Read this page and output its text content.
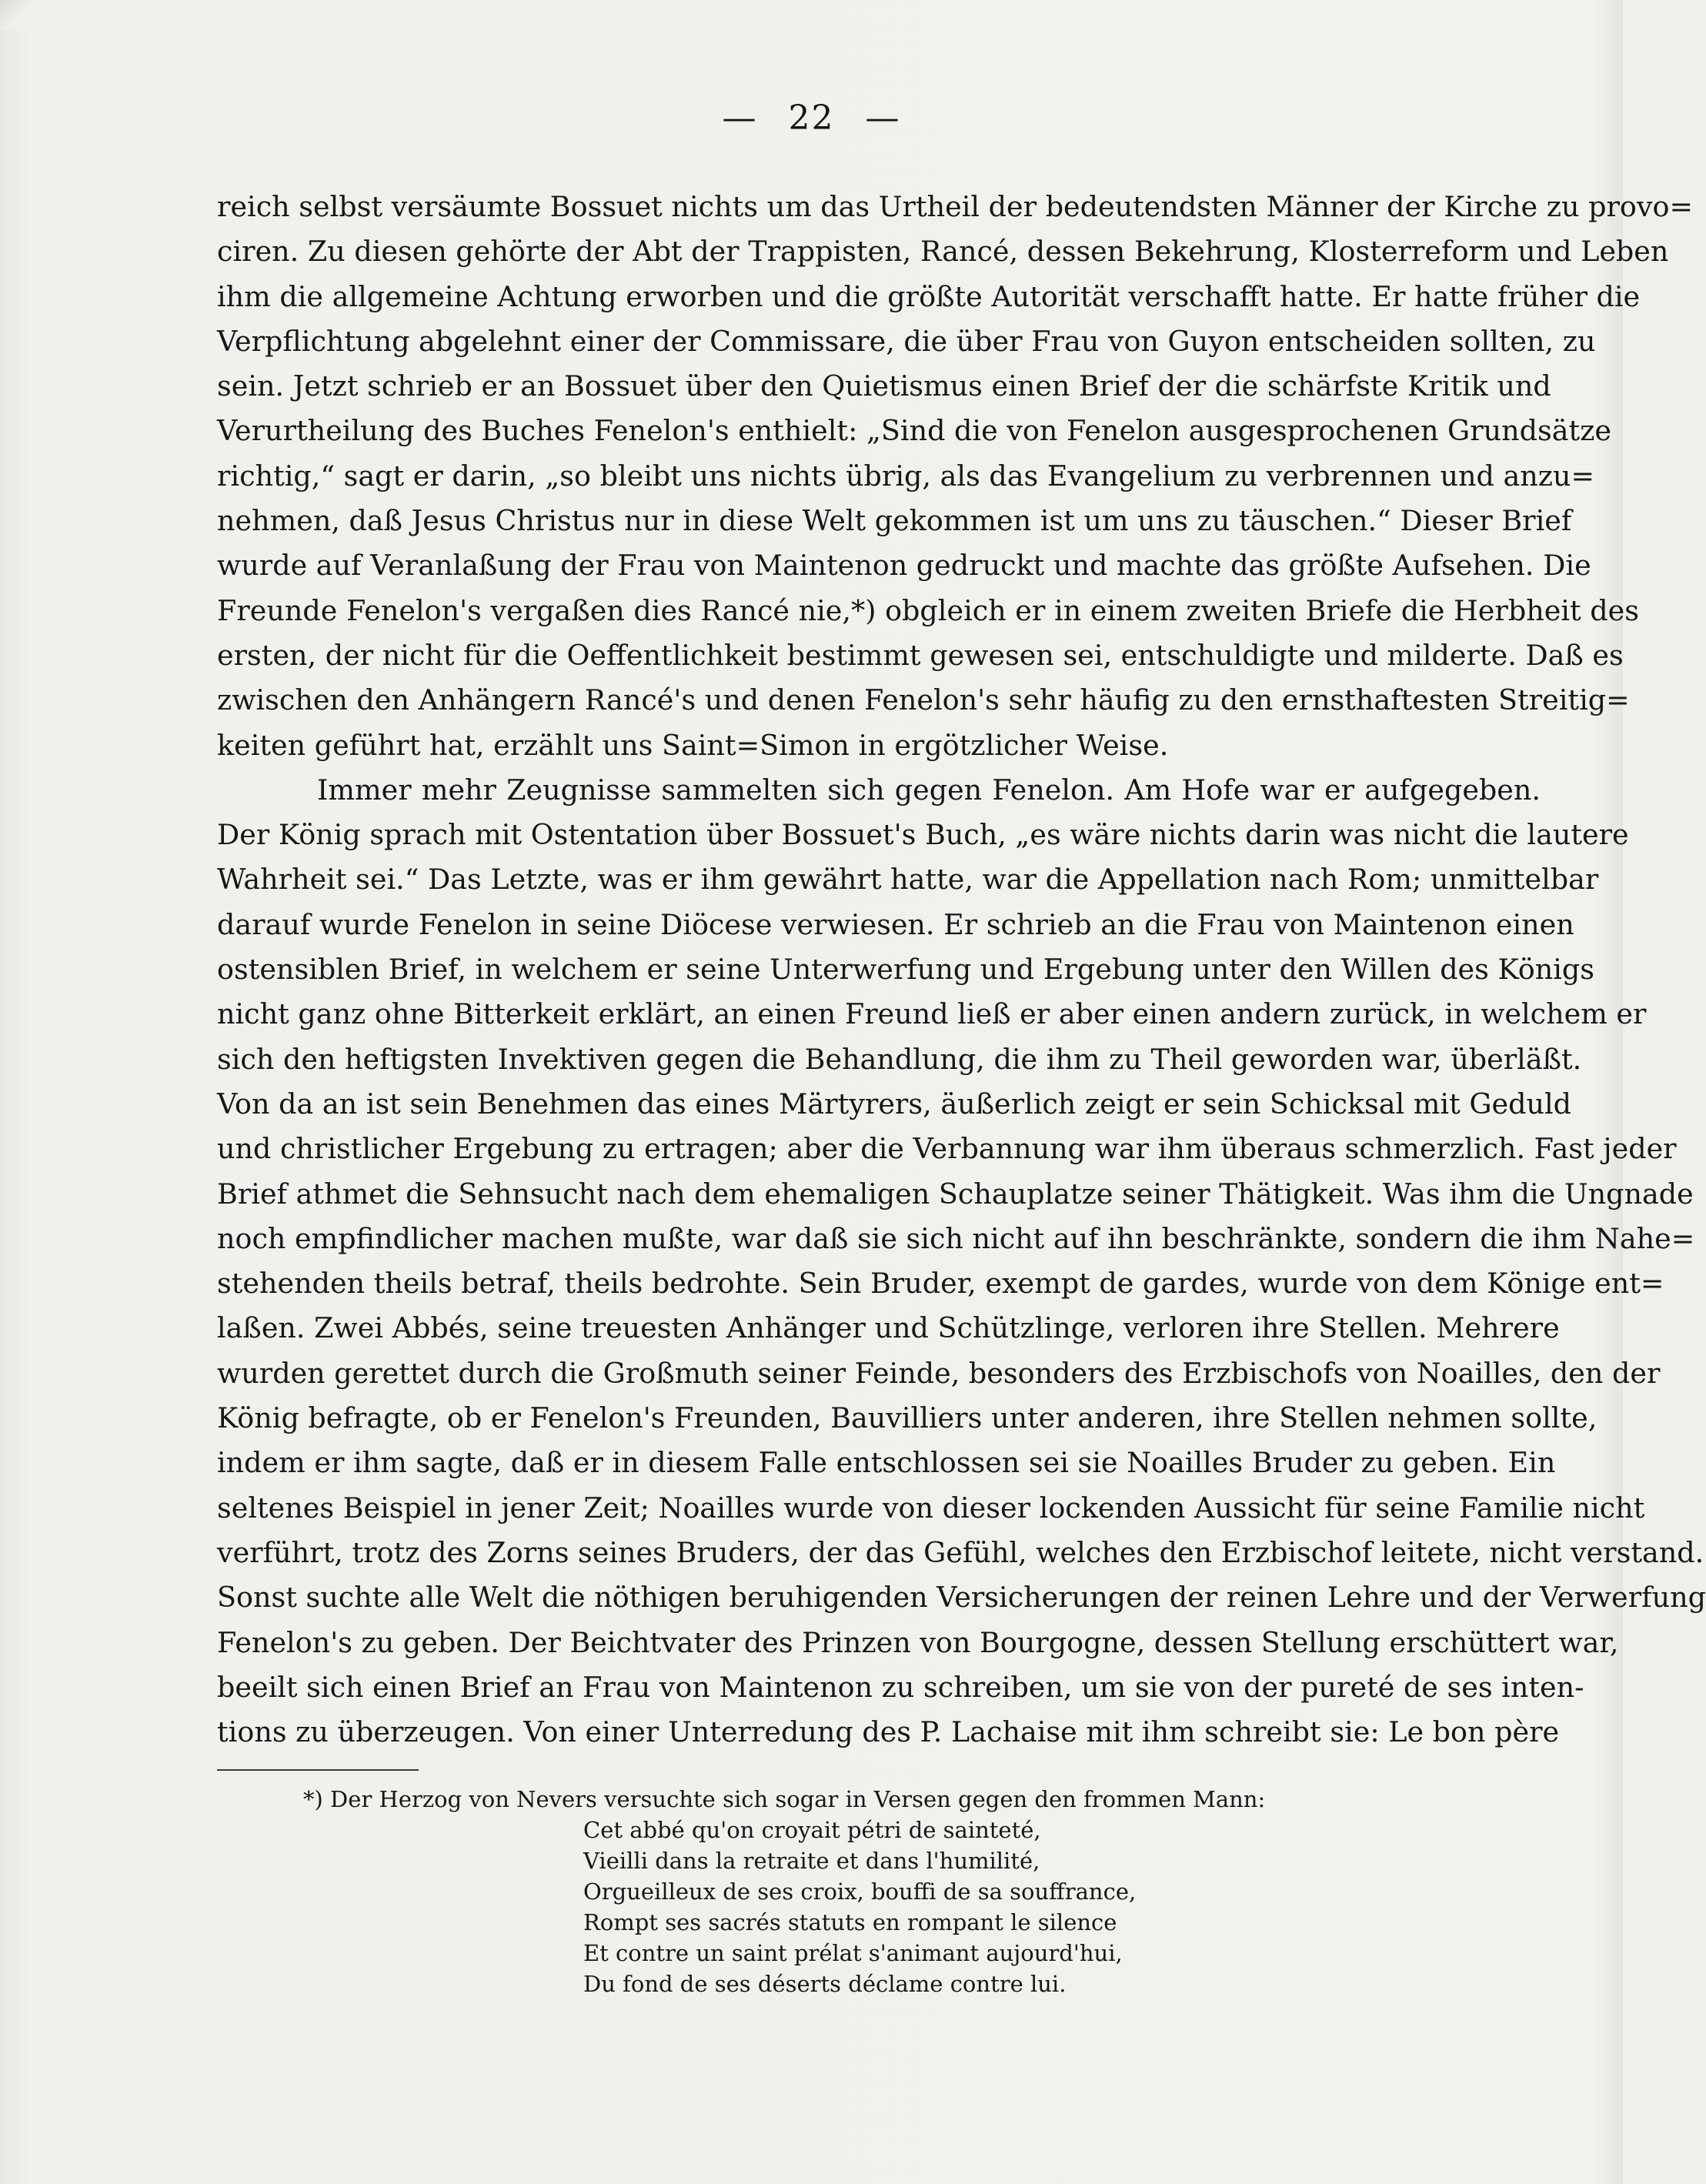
— 22 —
reich selbst versäumte Bossuet nichts um das Urtheil der bedeutendsten Männer der Kirche zu provo=
ciren. Zu diesen gehörte der Abt der Trappisten, Rancé, dessen Bekehrung, Klosterreform und Leben
ihm die allgemeine Achtung erworben und die größte Autorität verschafft hatte. Er hatte früher die
Verpflichtung abgelehnt einer der Commissare, die über Frau von Guyon entscheiden sollten, zu
sein. Jetzt schrieb er an Bossuet über den Quietismus einen Brief der die schärfste Kritik und
Verurtheilung des Buches Fenelon's enthielt: „Sind die von Fenelon ausgesprochenen Grundsätze
richtig,“ sagt er darin, „so bleibt uns nichts übrig, als das Evangelium zu verbrennen und anzu=
nehmen, daß Jesus Christus nur in diese Welt gekommen ist um uns zu täuschen.“ Dieser Brief
wurde auf Veranlaßung der Frau von Maintenon gedruckt und machte das größte Aufsehen. Die
Freunde Fenelon's vergaßen dies Rancé nie,*) obgleich er in einem zweiten Briefe die Herbheit des
ersten, der nicht für die Oeffentlichkeit bestimmt gewesen sei, entschuldigte und milderte. Daß es
zwischen den Anhängern Rancé's und denen Fenelon's sehr häufig zu den ernsthaftesten Streitig=
keiten geführt hat, erzählt uns Saint=Simon in ergötzlicher Weise.
Immer mehr Zeugnisse sammelten sich gegen Fenelon. Am Hofe war er aufgegeben.
Der König sprach mit Ostentation über Bossuet's Buch, „es wäre nichts darin was nicht die lautere
Wahrheit sei.“ Das Letzte, was er ihm gewährt hatte, war die Appellation nach Rom; unmittelbar
darauf wurde Fenelon in seine Diöcese verwiesen. Er schrieb an die Frau von Maintenon einen
ostensiblen Brief, in welchem er seine Unterwerfung und Ergebung unter den Willen des Königs
nicht ganz ohne Bitterkeit erklärt, an einen Freund ließ er aber einen andern zurück, in welchem er
sich den heftigsten Invektiven gegen die Behandlung, die ihm zu Theil geworden war, überläßt.
Von da an ist sein Benehmen das eines Märtyrers, äußerlich zeigt er sein Schicksal mit Geduld
und christlicher Ergebung zu ertragen; aber die Verbannung war ihm überaus schmerzlich. Fast jeder
Brief athmet die Sehnsucht nach dem ehemaligen Schauplatze seiner Thätigkeit. Was ihm die Ungnade
noch empfindlicher machen mußte, war daß sie sich nicht auf ihn beschränkte, sondern die ihm Nahe=
stehenden theils betraf, theils bedrohte. Sein Bruder, exempt de gardes, wurde von dem Könige ent=
laßen. Zwei Abbés, seine treuesten Anhänger und Schützlinge, verloren ihre Stellen. Mehrere
wurden gerettet durch die Großmuth seiner Feinde, besonders des Erzbischofs von Noailles, den der
König befragte, ob er Fenelon's Freunden, Bauvilliers unter anderen, ihre Stellen nehmen sollte,
indem er ihm sagte, daß er in diesem Falle entschlossen sei sie Noailles Bruder zu geben. Ein
seltenes Beispiel in jener Zeit; Noailles wurde von dieser lockenden Aussicht für seine Familie nicht
verführt, trotz des Zorns seines Bruders, der das Gefühl, welches den Erzbischof leitete, nicht verstand.
Sonst suchte alle Welt die nöthigen beruhigenden Versicherungen der reinen Lehre und der Verwerfung
Fenelon's zu geben. Der Beichtvater des Prinzen von Bourgogne, dessen Stellung erschüttert war,
beeilt sich einen Brief an Frau von Maintenon zu schreiben, um sie von der pureté de ses inten-
tions zu überzeugen. Von einer Unterredung des P. Lachaise mit ihm schreibt sie: Le bon père
*) Der Herzog von Nevers versuchte sich sogar in Versen gegen den frommen Mann:
Cet abbé qu'on croyait pétri de sainteté,
Vieilli dans la retraite et dans l'humilité,
Orgueilleux de ses croix, bouffi de sa souffrance,
Rompt ses sacrés statuts en rompant le silence
Et contre un saint prélat s'animant aujourd'hui,
Du fond de ses déserts déclame contre lui.
